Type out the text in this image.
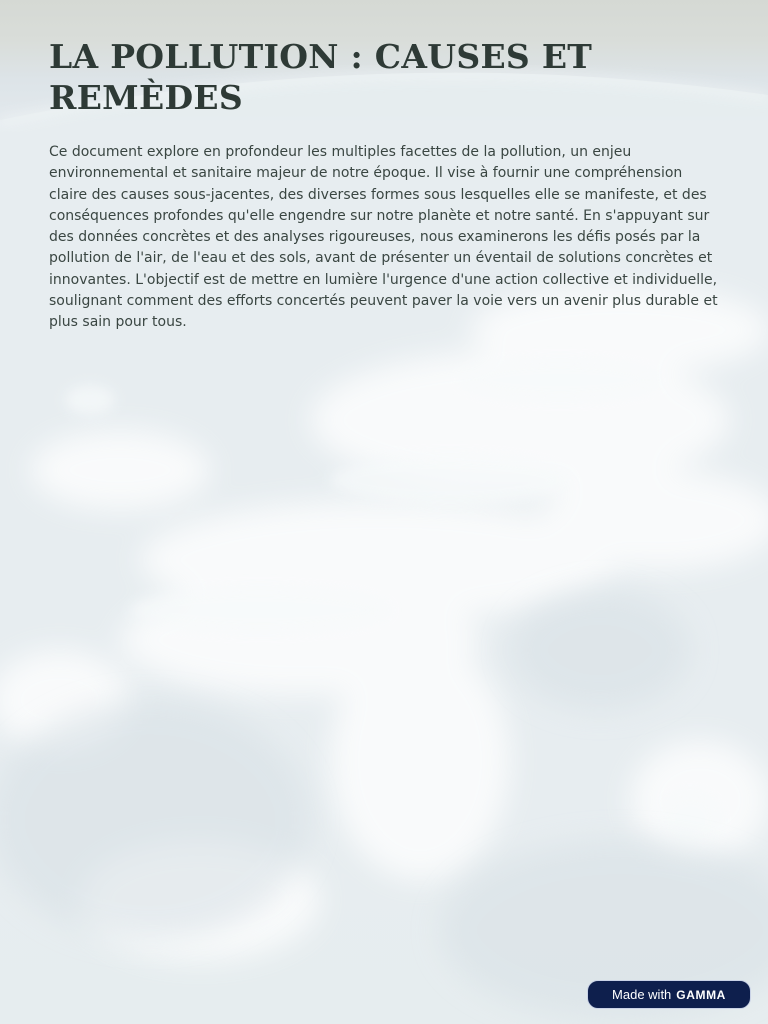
LA POLLUTION : CAUSES ET REMÈDES

Ce document explore en profondeur les multiples facettes de la pollution, un enjeu environnemental et sanitaire majeur de notre époque. Il vise à fournir une compréhension claire des causes sous-jacentes, des diverses formes sous lesquelles elle se manifeste, et des conséquences profondes qu'elle engendre sur notre planète et notre santé. En s'appuyant sur des données concrètes et des analyses rigoureuses, nous examinerons les défis posés par la pollution de l'air, de l'eau et des sols, avant de présenter un éventail de solutions concrètes et innovantes. L'objectif est de mettre en lumière l'urgence d'une action collective et individuelle, soulignant comment des efforts concertés peuvent paver la voie vers un avenir plus durable et plus sain pour tous.

Made with GAMMA
